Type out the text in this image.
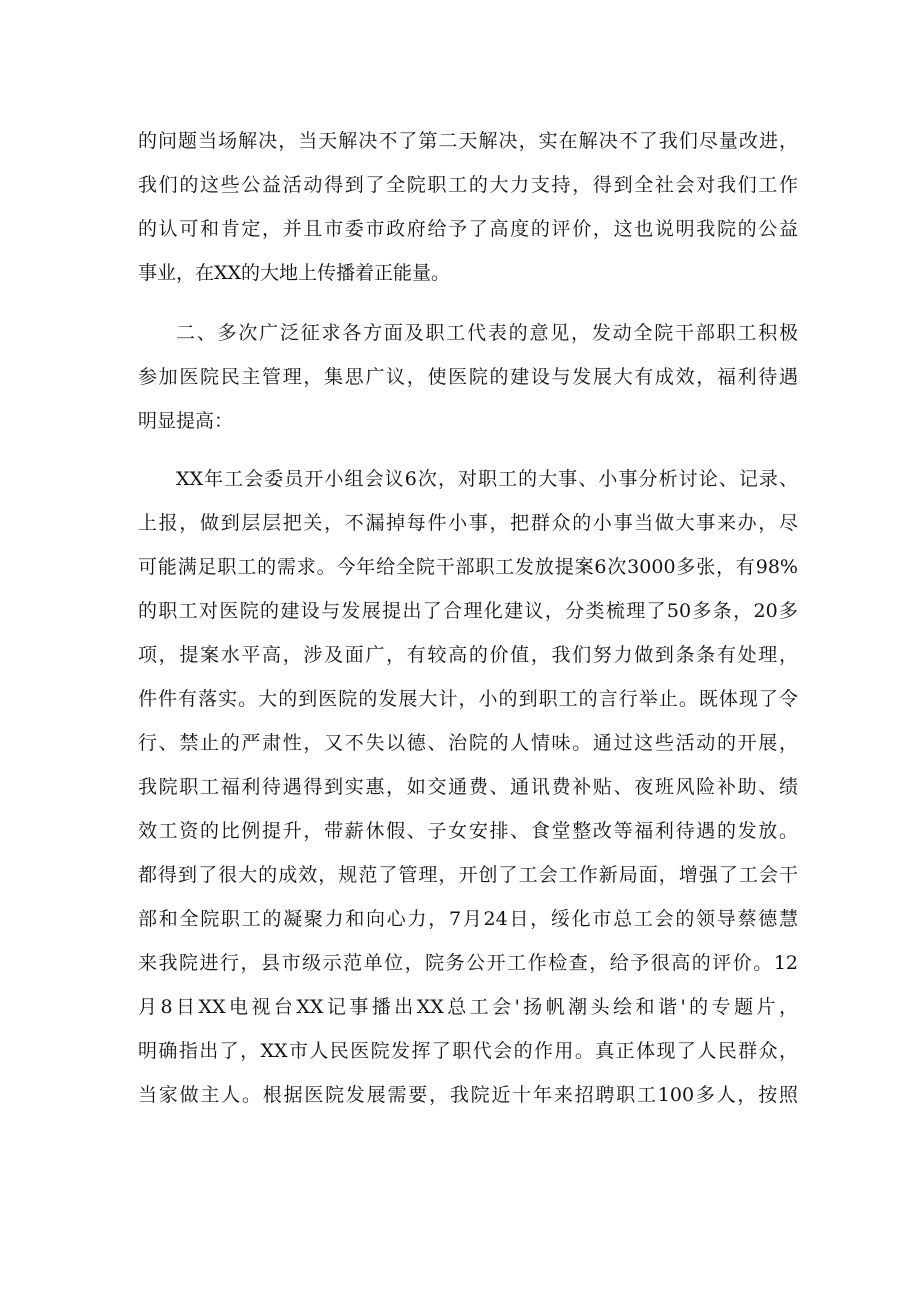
的问题当场解决，当天解决不了第二天解决，实在解决不了我们尽量改进，
我们的这些公益活动得到了全院职工的大力支持，得到全社会对我们工作
的认可和肯定，并且市委市政府给予了高度的评价，这也说明我院的公益
事业，在XX的大地上传播着正能量。
二、多次广泛征求各方面及职工代表的意见，发动全院干部职工积极
参加医院民主管理，集思广议，使医院的建设与发展大有成效，福利待遇
明显提高：
XX年工会委员开小组会议6次，对职工的大事、小事分析讨论、记录、
上报，做到层层把关，不漏掉每件小事，把群众的小事当做大事来办，尽
可能满足职工的需求。今年给全院干部职工发放提案6次3000多张，有98%
的职工对医院的建设与发展提出了合理化建议，分类梳理了50多条，20多
项，提案水平高，涉及面广，有较高的价值，我们努力做到条条有处理，
件件有落实。大的到医院的发展大计，小的到职工的言行举止。既体现了令
行、禁止的严肃性，又不失以德、治院的人情味。通过这些活动的开展，
我院职工福利待遇得到实惠，如交通费、通讯费补贴、夜班风险补助、绩
效工资的比例提升，带薪休假、子女安排、食堂整改等福利待遇的发放。
都得到了很大的成效，规范了管理，开创了工会工作新局面，增强了工会干
部和全院职工的凝聚力和向心力，7月24日，绥化市总工会的领导蔡德慧
来我院进行，县市级示范单位，院务公开工作检查，给予很高的评价。12
月8日XX电视台XX记事播出XX总工会'扬帆潮头绘和谐'的专题片，
明确指出了，XX市人民医院发挥了职代会的作用。真正体现了人民群众，
当家做主人。根据医院发展需要，我院近十年来招聘职工100多人，按照
